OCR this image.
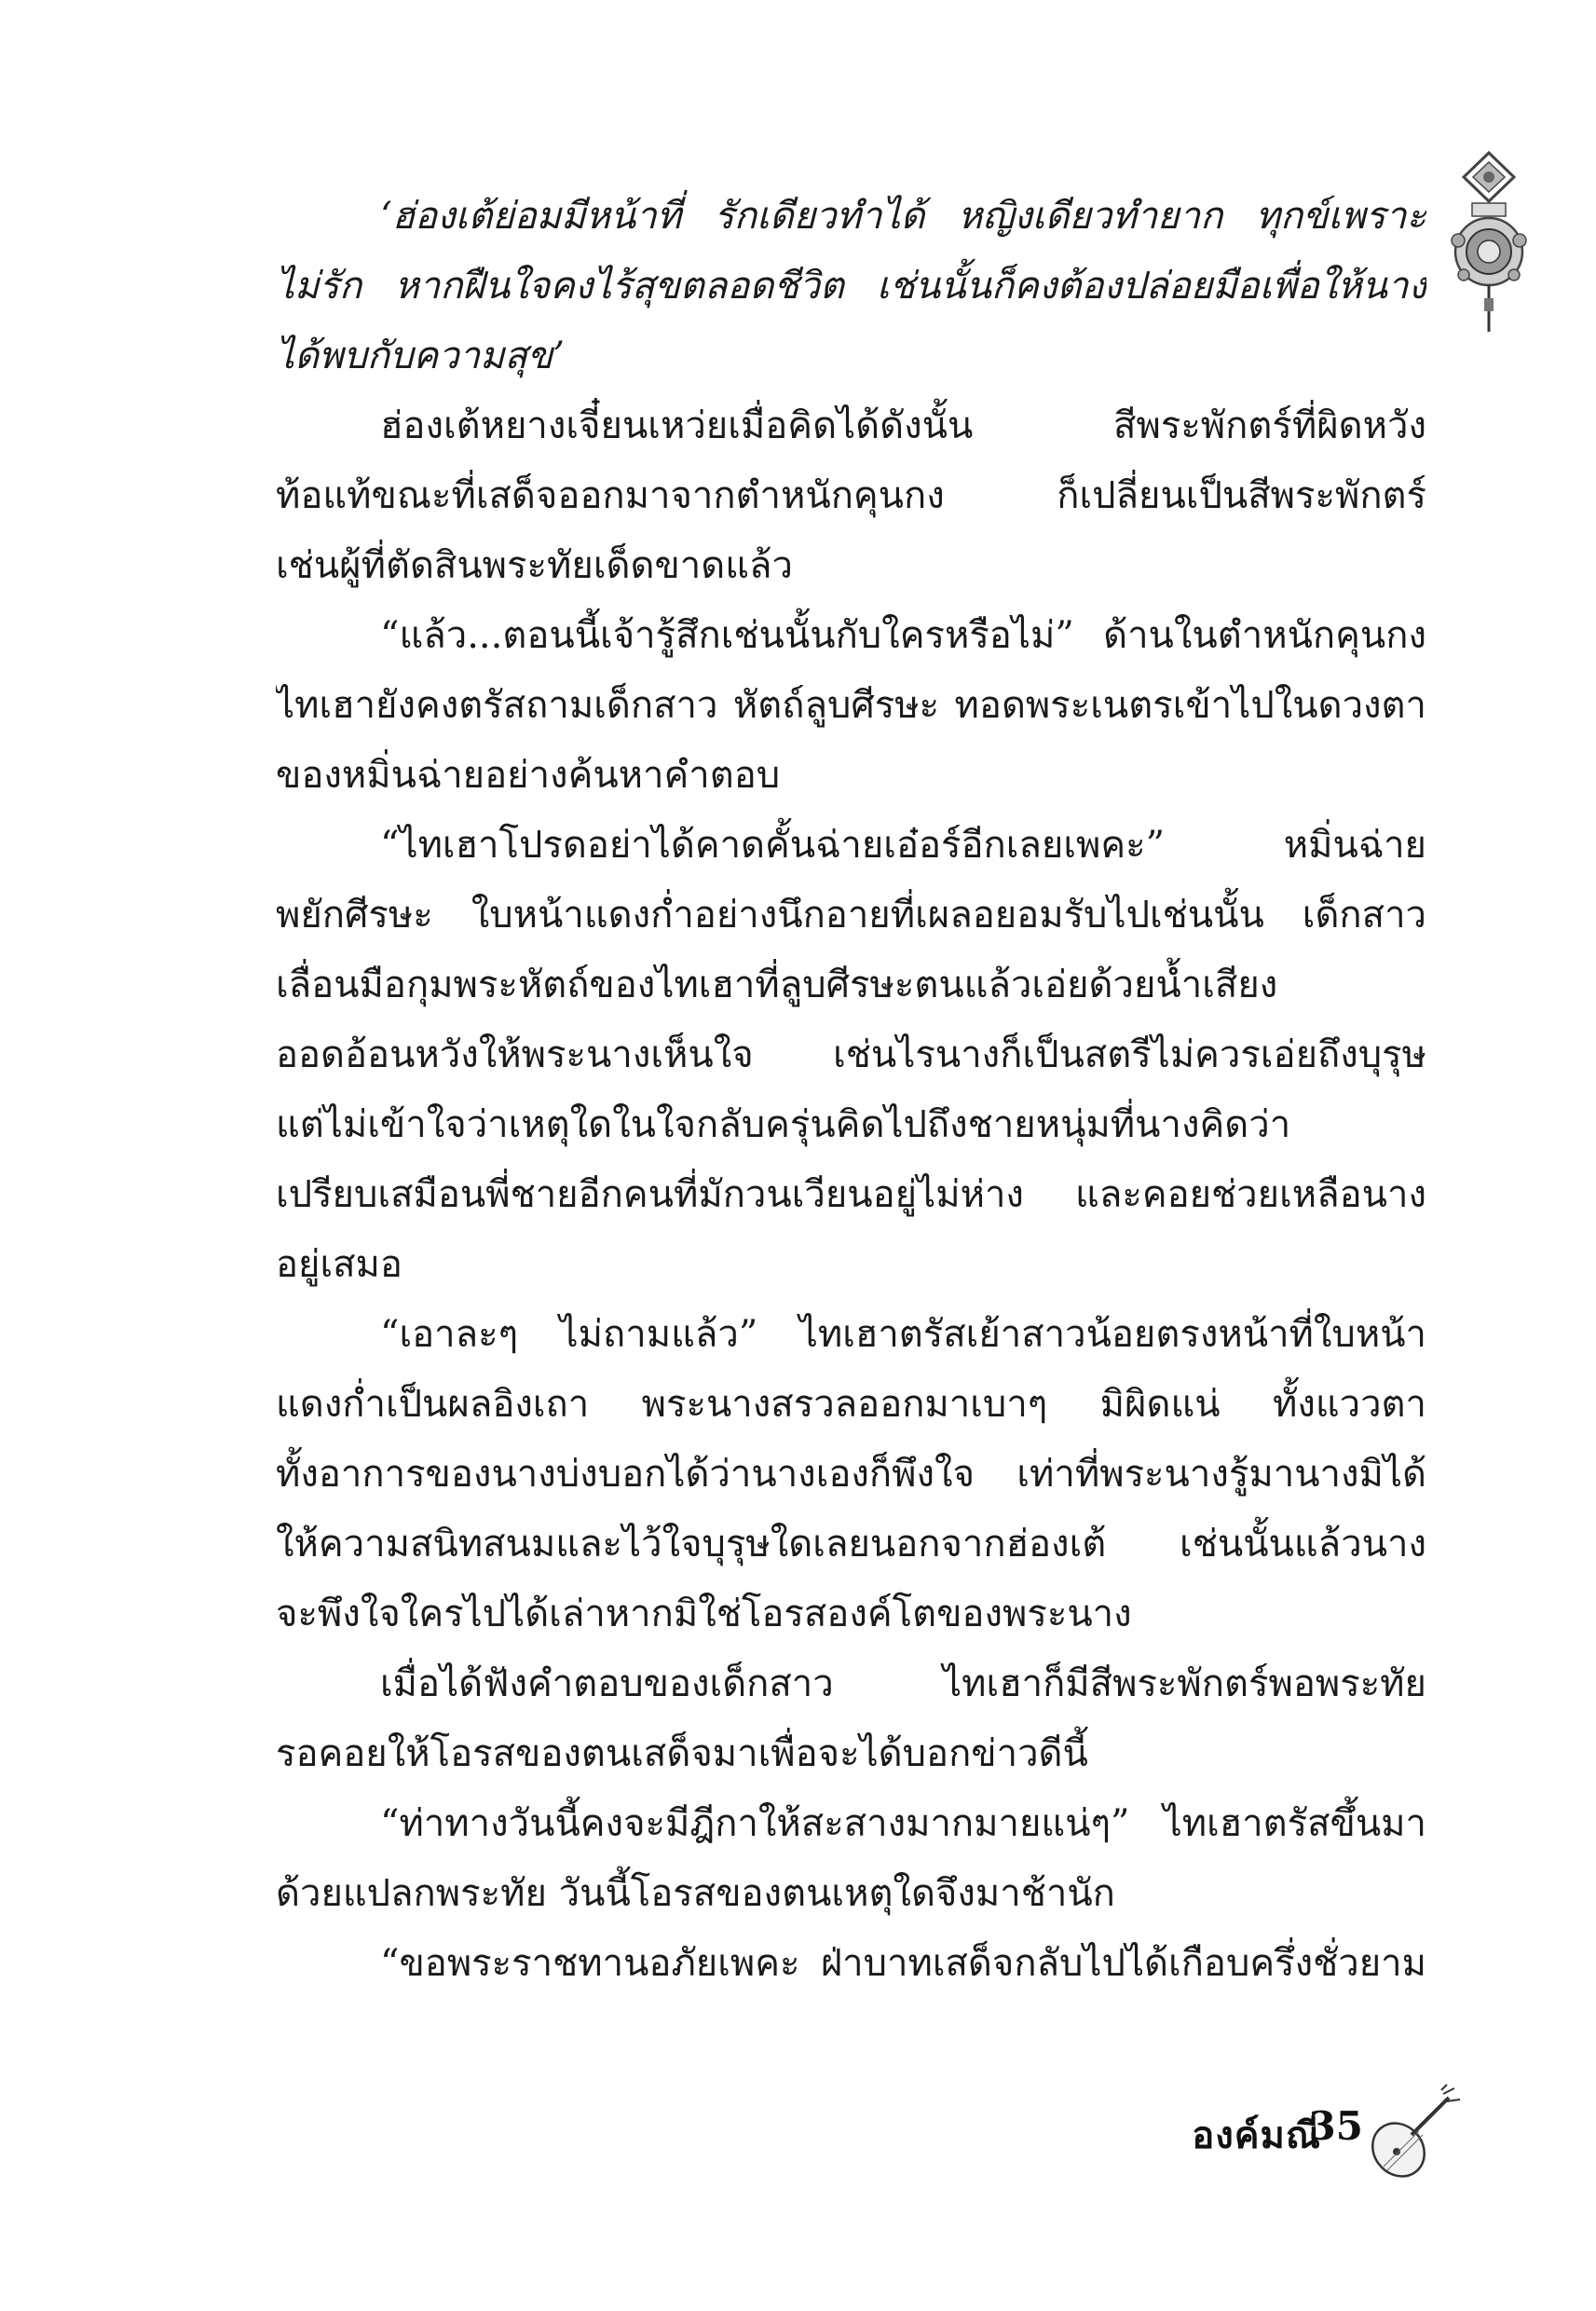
‘ฮ่องเต้ย่อมมีหน้าที่ รักเดียวทำได้ หญิงเดียวทำยาก ทุกข์เพราะ
ไม่รัก หากฝืนใจคงไร้สุขตลอดชีวิต เช่นนั้นก็คงต้องปล่อยมือเพื่อให้นาง
ได้พบกับความสุข’
ฮ่องเต้หยางเจี๋ยนเหว่ยเมื่อคิดได้ดังนั้น สีพระพักตร์ที่ผิดหวัง
ท้อแท้ขณะที่เสด็จออกมาจากตำหนักคุนกง ก็เปลี่ยนเป็นสีพระพักตร์
เช่นผู้ที่ตัดสินพระทัยเด็ดขาดแล้ว
“แล้ว...ตอนนี้เจ้ารู้สึกเช่นนั้นกับใครหรือไม่” ด้านในตำหนักคุนกง
ไทเฮายังคงตรัสถามเด็กสาว หัตถ์ลูบศีรษะ ทอดพระเนตรเข้าไปในดวงตา
ของหมิ่นฉ่ายอย่างค้นหาคำตอบ
“ไทเฮาโปรดอย่าได้คาดคั้นฉ่ายเอ๋อร์อีกเลยเพคะ” หมิ่นฉ่าย
พยักศีรษะ ใบหน้าแดงก่ำอย่างนึกอายที่เผลอยอมรับไปเช่นนั้น เด็กสาว
เลื่อนมือกุมพระหัตถ์ของไทเฮาที่ลูบศีรษะตนแล้วเอ่ยด้วยน้ำเสียง
ออดอ้อนหวังให้พระนางเห็นใจ เช่นไรนางก็เป็นสตรีไม่ควรเอ่ยถึงบุรุษ
แต่ไม่เข้าใจว่าเหตุใดในใจกลับครุ่นคิดไปถึงชายหนุ่มที่นางคิดว่า
เปรียบเสมือนพี่ชายอีกคนที่มักวนเวียนอยู่ไม่ห่าง และคอยช่วยเหลือนาง
อยู่เสมอ
“เอาละๆ ไม่ถามแล้ว” ไทเฮาตรัสเย้าสาวน้อยตรงหน้าที่ใบหน้า
แดงก่ำเป็นผลอิงเถา พระนางสรวลออกมาเบาๆ มิผิดแน่ ทั้งแววตา
ทั้งอาการของนางบ่งบอกได้ว่านางเองก็พึงใจ เท่าที่พระนางรู้มานางมิได้
ให้ความสนิทสนมและไว้ใจบุรุษใดเลยนอกจากฮ่องเต้ เช่นนั้นแล้วนาง
จะพึงใจใครไปได้เล่าหากมิใช่โอรสองค์โตของพระนาง
เมื่อได้ฟังคำตอบของเด็กสาว ไทเฮาก็มีสีพระพักตร์พอพระทัย
รอคอยให้โอรสของตนเสด็จมาเพื่อจะได้บอกข่าวดีนี้
“ท่าทางวันนี้คงจะมีฎีกาให้สะสางมากมายแน่ๆ” ไทเฮาตรัสขึ้นมา
ด้วยแปลกพระทัย วันนี้โอรสของตนเหตุใดจึงมาช้านัก
“ขอพระราชทานอภัยเพคะ ฝ่าบาทเสด็จกลับไปได้เกือบครึ่งชั่วยาม
องค์มณี
35
